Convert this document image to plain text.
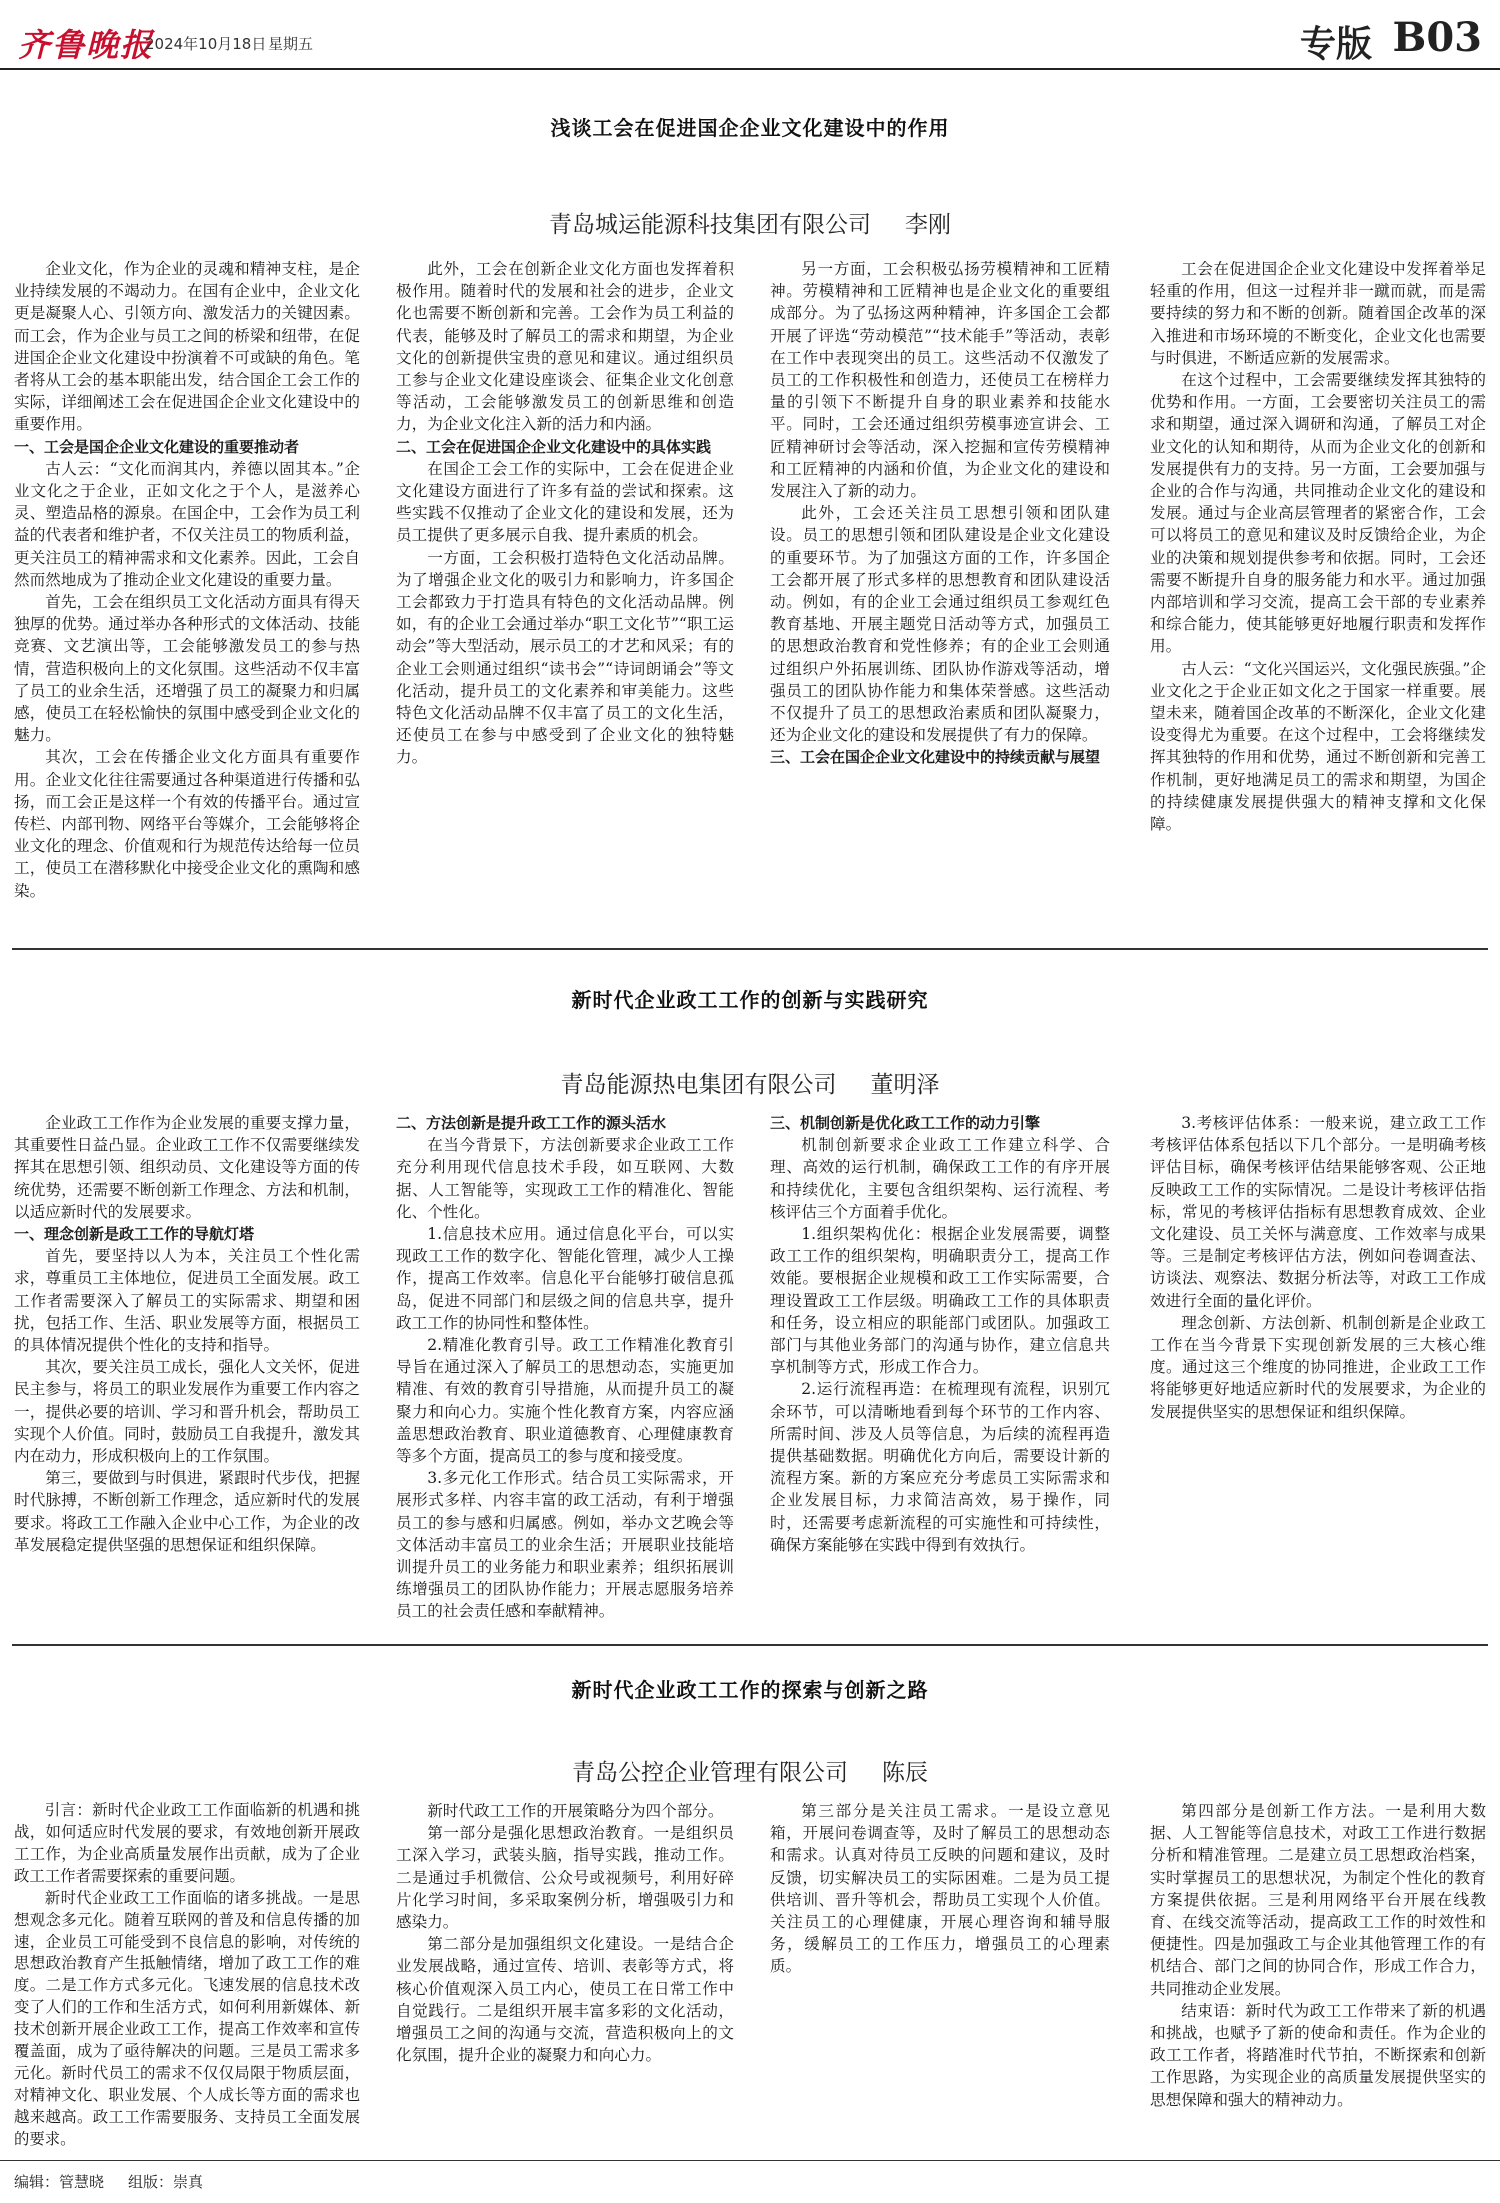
齐鲁晚报
2024年10月18日 星期五	专版 B03
浅谈工会在促进国企企业文化建设中的作用
青岛城运能源科技集团有限公司 李刚

企业文化，作为企业的灵魂和精神支柱，是企业持续发展的不竭动力。在国有企业中，企业文化更是凝聚人心、引领方向、激发活力的关键因素。而工会，作为企业与员工之间的桥梁和纽带，在促进国企企业文化建设中扮演着不可或缺的角色。笔者将从工会的基本职能出发，结合国企工会工作的实际，详细阐述工会在促进国企企业文化建设中的重要作用。

一、工会是国企企业文化建设的重要推动者

古人云：“文化而润其内，养德以固其本。”企业文化之于企业，正如文化之于个人，是滋养心灵、塑造品格的源泉。在国企中，工会作为员工利益的代表者和维护者，不仅关注员工的物质利益，更关注员工的精神需求和文化素养。因此，工会自然而然地成为了推动企业文化建设的重要力量。

首先，工会在组织员工文化活动方面具有得天独厚的优势。通过举办各种形式的文体活动、技能竞赛、文艺演出等，工会能够激发员工的参与热情，营造积极向上的文化氛围。这些活动不仅丰富了员工的业余生活，还增强了员工的凝聚力和归属感，使员工在轻松愉快的氛围中感受到企业文化的魅力。

其次，工会在传播企业文化方面具有重要作用。企业文化往往需要通过各种渠道进行传播和弘扬，而工会正是这样一个有效的传播平台。通过宣传栏、内部刊物、网络平台等媒介，工会能够将企业文化的理念、价值观和行为规范传达给每一位员工，使员工在潜移默化中接受企业文化的熏陶和感染。

此外，工会在创新企业文化方面也发挥着积极作用。随着时代的发展和社会的进步，企业文化也需要不断创新和完善。工会作为员工利益的代表，能够及时了解员工的需求和期望，为企业文化的创新提供宝贵的意见和建议。通过组织员工参与企业文化建设座谈会、征集企业文化创意等活动，工会能够激发员工的创新思维和创造力，为企业文化注入新的活力和内涵。

二、工会在促进国企企业文化建设中的具体实践

在国企工会工作的实际中，工会在促进企业文化建设方面进行了许多有益的尝试和探索。这些实践不仅推动了企业文化的建设和发展，还为员工提供了更多展示自我、提升素质的机会。

一方面，工会积极打造特色文化活动品牌。为了增强企业文化的吸引力和影响力，许多国企工会都致力于打造具有特色的文化活动品牌。例如，有的企业工会通过举办“职工文化节”“职工运动会”等大型活动，展示员工的才艺和风采；有的企业工会则通过组织“读书会”“诗词朗诵会”等文化活动，提升员工的文化素养和审美能力。这些特色文化活动品牌不仅丰富了员工的文化生活，还使员工在参与中感受到了企业文化的独特魅力。

另一方面，工会积极弘扬劳模精神和工匠精神。劳模精神和工匠精神也是企业文化的重要组成部分。为了弘扬这两种精神，许多国企工会都开展了评选“劳动模范”“技术能手”等活动，表彰在工作中表现突出的员工。这些活动不仅激发了员工的工作积极性和创造力，还使员工在榜样力量的引领下不断提升自身的职业素养和技能水平。同时，工会还通过组织劳模事迹宣讲会、工匠精神研讨会等活动，深入挖掘和宣传劳模精神和工匠精神的内涵和价值，为企业文化的建设和发展注入了新的动力。

此外，工会还关注员工思想引领和团队建设。员工的思想引领和团队建设是企业文化建设的重要环节。为了加强这方面的工作，许多国企工会都开展了形式多样的思想教育和团队建设活动。例如，有的企业工会通过组织员工参观红色教育基地、开展主题党日活动等方式，加强员工的思想政治教育和党性修养；有的企业工会则通过组织户外拓展训练、团队协作游戏等活动，增强员工的团队协作能力和集体荣誉感。这些活动不仅提升了员工的思想政治素质和团队凝聚力，还为企业文化的建设和发展提供了有力的保障。

三、工会在国企企业文化建设中的持续贡献与展望

工会在促进国企企业文化建设中发挥着举足轻重的作用，但这一过程并非一蹴而就，而是需要持续的努力和不断的创新。随着国企改革的深入推进和市场环境的不断变化，企业文化也需要与时俱进，不断适应新的发展需求。

在这个过程中，工会需要继续发挥其独特的优势和作用。一方面，工会要密切关注员工的需求和期望，通过深入调研和沟通，了解员工对企业文化的认知和期待，从而为企业文化的创新和发展提供有力的支持。另一方面，工会要加强与企业的合作与沟通，共同推动企业文化的建设和发展。通过与企业高层管理者的紧密合作，工会可以将员工的意见和建议及时反馈给企业，为企业的决策和规划提供参考和依据。同时，工会还需要不断提升自身的服务能力和水平。通过加强内部培训和学习交流，提高工会干部的专业素养和综合能力，使其能够更好地履行职责和发挥作用。

古人云：“文化兴国运兴，文化强民族强。”企业文化之于企业正如文化之于国家一样重要。展望未来，随着国企改革的不断深化，企业文化建设变得尤为重要。在这个过程中，工会将继续发挥其独特的作用和优势，通过不断创新和完善工作机制，更好地满足员工的需求和期望，为国企的持续健康发展提供强大的精神支撑和文化保障。

新时代企业政工工作的创新与实践研究
青岛能源热电集团有限公司 董明泽

企业政工工作作为企业发展的重要支撑力量，其重要性日益凸显。企业政工工作不仅需要继续发挥其在思想引领、组织动员、文化建设等方面的传统优势，还需要不断创新工作理念、方法和机制，以适应新时代的发展要求。

一、理念创新是政工工作的导航灯塔

首先，要坚持以人为本，关注员工个性化需求，尊重员工主体地位，促进员工全面发展。政工工作者需要深入了解员工的实际需求、期望和困扰，包括工作、生活、职业发展等方面，根据员工的具体情况提供个性化的支持和指导。

其次，要关注员工成长，强化人文关怀，促进民主参与，将员工的职业发展作为重要工作内容之一，提供必要的培训、学习和晋升机会，帮助员工实现个人价值。同时，鼓励员工自我提升，激发其内在动力，形成积极向上的工作氛围。

第三，要做到与时俱进，紧跟时代步伐，把握时代脉搏，不断创新工作理念，适应新时代的发展要求。将政工工作融入企业中心工作，为企业的改革发展稳定提供坚强的思想保证和组织保障。

二、方法创新是提升政工工作的源头活水

在当今背景下，方法创新要求企业政工工作充分利用现代信息技术手段，如互联网、大数据、人工智能等，实现政工工作的精准化、智能化、个性化。

1.信息技术应用。通过信息化平台，可以实现政工工作的数字化、智能化管理，减少人工操作，提高工作效率。信息化平台能够打破信息孤岛，促进不同部门和层级之间的信息共享，提升政工工作的协同性和整体性。

2.精准化教育引导。政工工作精准化教育引导旨在通过深入了解员工的思想动态，实施更加精准、有效的教育引导措施，从而提升员工的凝聚力和向心力。实施个性化教育方案，内容应涵盖思想政治教育、职业道德教育、心理健康教育等多个方面，提高员工的参与度和接受度。

3.多元化工作形式。结合员工实际需求，开展形式多样、内容丰富的政工活动，有利于增强员工的参与感和归属感。例如，举办文艺晚会等文体活动丰富员工的业余生活；开展职业技能培训提升员工的业务能力和职业素养；组织拓展训练增强员工的团队协作能力；开展志愿服务培养员工的社会责任感和奉献精神。

三、机制创新是优化政工工作的动力引擎

机制创新要求企业政工工作建立科学、合理、高效的运行机制，确保政工工作的有序开展和持续优化，主要包含组织架构、运行流程、考核评估三个方面着手优化。

1.组织架构优化：根据企业发展需要，调整政工工作的组织架构，明确职责分工，提高工作效能。要根据企业规模和政工工作实际需要，合理设置政工工作层级。明确政工工作的具体职责和任务，设立相应的职能部门或团队。加强政工部门与其他业务部门的沟通与协作，建立信息共享机制等方式，形成工作合力。

2.运行流程再造：在梳理现有流程，识别冗余环节，可以清晰地看到每个环节的工作内容、所需时间、涉及人员等信息，为后续的流程再造提供基础数据。明确优化方向后，需要设计新的流程方案。新的方案应充分考虑员工实际需求和企业发展目标，力求简洁高效，易于操作，同时，还需要考虑新流程的可实施性和可持续性，确保方案能够在实践中得到有效执行。

3.考核评估体系：一般来说，建立政工工作考核评估体系包括以下几个部分。一是明确考核评估目标，确保考核评估结果能够客观、公正地反映政工工作的实际情况。二是设计考核评估指标，常见的考核评估指标有思想教育成效、企业文化建设、员工关怀与满意度、工作效率与成果等。三是制定考核评估方法，例如问卷调查法、访谈法、观察法、数据分析法等，对政工工作成效进行全面的量化评价。

理念创新、方法创新、机制创新是企业政工工作在当今背景下实现创新发展的三大核心维度。通过这三个维度的协同推进，企业政工工作将能够更好地适应新时代的发展要求，为企业的发展提供坚实的思想保证和组织保障。

新时代企业政工工作的探索与创新之路
青岛公控企业管理有限公司 陈辰

引言：新时代企业政工工作面临新的机遇和挑战，如何适应时代发展的要求，有效地创新开展政工工作，为企业高质量发展作出贡献，成为了企业政工工作者需要探索的重要问题。

新时代企业政工工作面临的诸多挑战。一是思想观念多元化。随着互联网的普及和信息传播的加速，企业员工可能受到不良信息的影响，对传统的思想政治教育产生抵触情绪，增加了政工工作的难度。二是工作方式多元化。飞速发展的信息技术改变了人们的工作和生活方式，如何利用新媒体、新技术创新开展企业政工工作，提高工作效率和宣传覆盖面，成为了亟待解决的问题。三是员工需求多元化。新时代员工的需求不仅仅局限于物质层面，对精神文化、职业发展、个人成长等方面的需求也越来越高。政工工作需要服务、支持员工全面发展的要求。

新时代政工工作的开展策略分为四个部分。

第一部分是强化思想政治教育。一是组织员工深入学习，武装头脑，指导实践，推动工作。二是通过手机微信、公众号或视频号，利用好碎片化学习时间，多采取案例分析，增强吸引力和感染力。

第二部分是加强组织文化建设。一是结合企业发展战略，通过宣传、培训、表彰等方式，将核心价值观深入员工内心，使员工在日常工作中自觉践行。二是组织开展丰富多彩的文化活动，增强员工之间的沟通与交流，营造积极向上的文化氛围，提升企业的凝聚力和向心力。

第三部分是关注员工需求。一是设立意见箱，开展问卷调查等，及时了解员工的思想动态和需求。认真对待员工反映的问题和建议，及时反馈，切实解决员工的实际困难。二是为员工提供培训、晋升等机会，帮助员工实现个人价值。关注员工的心理健康，开展心理咨询和辅导服务，缓解员工的工作压力，增强员工的心理素质。

第四部分是创新工作方法。一是利用大数据、人工智能等信息技术，对政工工作进行数据分析和精准管理。二是建立员工思想政治档案，实时掌握员工的思想状况，为制定个性化的教育方案提供依据。三是利用网络平台开展在线教育、在线交流等活动，提高政工工作的时效性和便捷性。四是加强政工与企业其他管理工作的有机结合、部门之间的协同合作，形成工作合力，共同推动企业发展。

结束语：新时代为政工工作带来了新的机遇和挑战，也赋予了新的使命和责任。作为企业的政工工作者，将踏准时代节拍，不断探索和创新工作思路，为实现企业的高质量发展提供坚实的思想保障和强大的精神动力。

编辑：管慧晓 组版：崇真
